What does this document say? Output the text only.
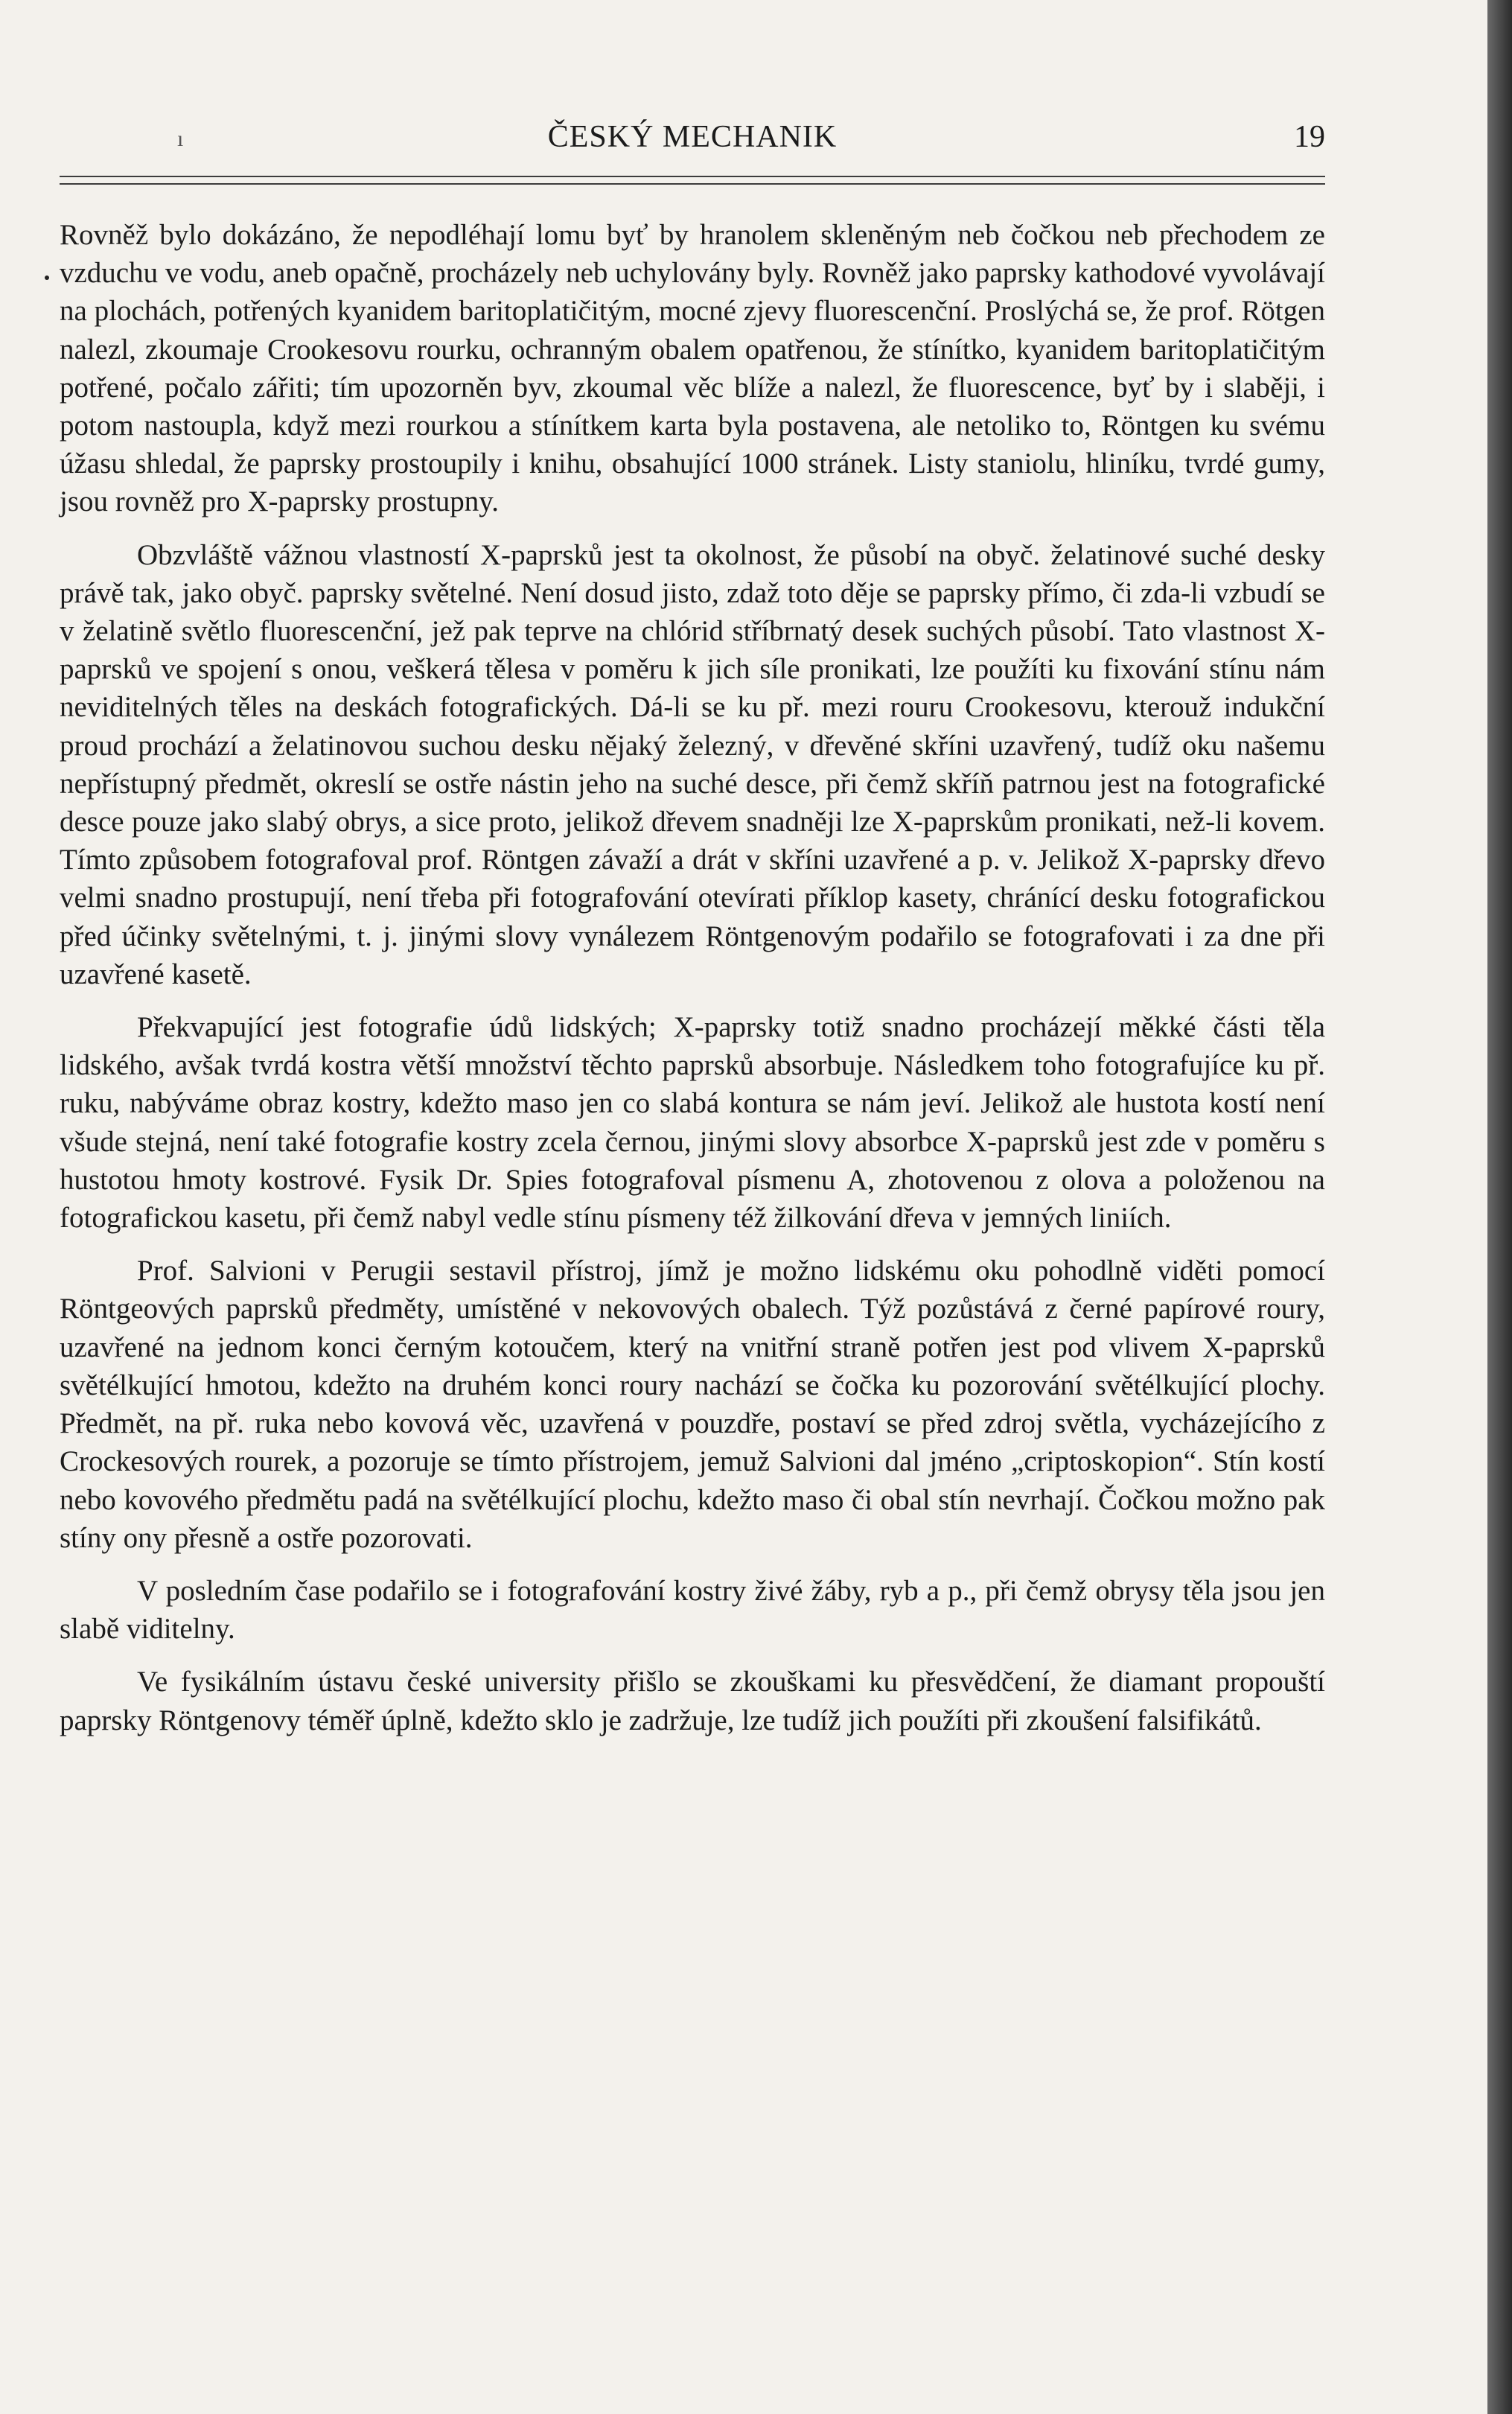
ı	ČESKÝ MECHANIK	19

Rovněž bylo dokázáno, že nepodléhají lomu byť by hranolem skleněným neb čočkou neb přechodem ze vzduchu ve vodu, aneb opačně, procházely neb uchylovány byly. Rovněž jako paprsky kathodové vyvolávají na plochách, potřených kyanidem baritoplatičitým, mocné zjevy fluorescenční. Proslýchá se, že prof. Rötgen nalezl, zkoumaje Crookesovu rourku, ochranným obalem opatřenou, že stínítko, kyanidem baritoplatičitým potřené, počalo zářiti; tím upozorněn byv, zkoumal věc blíže a nalezl, že fluorescence, byť by i slaběji, i potom nastoupla, když mezi rourkou a stínítkem karta byla postavena, ale netoliko to, Röntgen ku svému úžasu shledal, že paprsky prostoupily i knihu, obsahující 1000 stránek. Listy staniolu, hliníku, tvrdé gumy, jsou rovněž pro X-paprsky prostupny.

Obzvláště vážnou vlastností X-paprsků jest ta okolnost, že působí na obyč. želatinové suché desky právě tak, jako obyč. paprsky světelné. Není dosud jisto, zdaž toto děje se paprsky přímo, či zda-li vzbudí se v želatině světlo fluorescenční, jež pak teprve na chlórid stříbrnatý desek suchých působí. Tato vlastnost X-paprsků ve spojení s onou, veškerá tělesa v poměru k jich síle pronikati, lze použíti ku fixování stínu nám neviditelných těles na deskách fotografických. Dá-li se ku př. mezi rouru Crookesovu, kterouž indukční proud prochází a želatinovou suchou desku nějaký železný, v dřevěné skříni uzavřený, tudíž oku našemu nepřístupný předmět, okreslí se ostře nástin jeho na suché desce, při čemž skříň patrnou jest na fotografické desce pouze jako slabý obrys, a sice proto, jelikož dřevem snadněji lze X-paprskům pronikati, než-li kovem. Tímto způsobem fotografoval prof. Röntgen závaží a drát v skříni uzavřené a p. v. Jelikož X-paprsky dřevo velmi snadno prostupují, není třeba při fotografování otevírati příklop kasety, chránící desku fotografickou před účinky světelnými, t. j. jinými slovy vynálezem Röntgenovým podařilo se fotografovati i za dne při uzavřené kasetě.

Překvapující jest fotografie údů lidských; X-paprsky totiž snadno procházejí měkké části těla lidského, avšak tvrdá kostra větší množství těchto paprsků absorbuje. Následkem toho fotografujíce ku př. ruku, nabýváme obraz kostry, kdežto maso jen co slabá kontura se nám jeví. Jelikož ale hustota kostí není všude stejná, není také fotografie kostry zcela černou, jinými slovy absorbce X-paprsků jest zde v poměru s hustotou hmoty kostrové. Fysik Dr. Spies fotografoval písmenu A, zhotovenou z olova a položenou na fotografickou kasetu, při čemž nabyl vedle stínu písmeny též žilkování dřeva v jemných liniích.

Prof. Salvioni v Perugii sestavil přístroj, jímž je možno lidskému oku pohodlně viděti pomocí Röntgeových paprsků předměty, umístěné v nekovových obalech. Týž pozůstává z černé papírové roury, uzavřené na jednom konci černým kotoučem, který na vnitřní straně potřen jest pod vlivem X-paprsků světélkující hmotou, kdežto na druhém konci roury nachází se čočka ku pozorování světélkující plochy. Předmět, na př. ruka nebo kovová věc, uzavřená v pouzdře, postaví se před zdroj světla, vycházejícího z Crockesových rourek, a pozoruje se tímto přístrojem, jemuž Salvioni dal jméno „criptoskopion“. Stín kostí nebo kovového předmětu padá na světélkující plochu, kdežto maso či obal stín nevrhají. Čočkou možno pak stíny ony přesně a ostře pozorovati.

V posledním čase podařilo se i fotografování kostry živé žáby, ryb a p., při čemž obrysy těla jsou jen slabě viditelny.

Ve fysikálním ústavu české university přišlo se zkouškami ku přesvědčení, že diamant propouští paprsky Röntgenovy téměř úplně, kdežto sklo je zadržuje, lze tudíž jich použíti při zkoušení falsifikátů.
